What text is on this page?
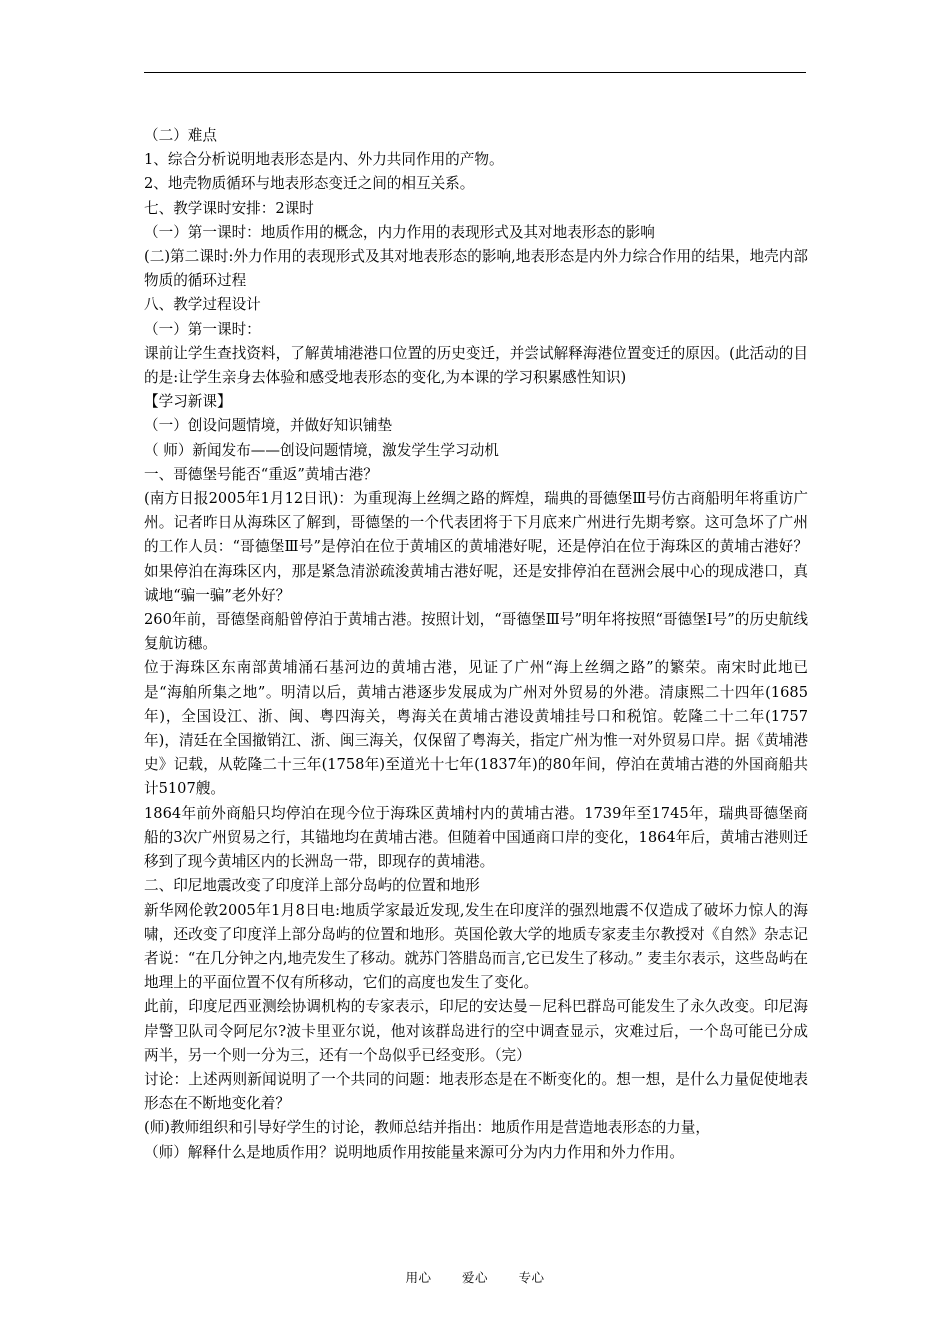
（二）难点

1、综合分析说明地表形态是内、外力共同作用的产物。

2、地壳物质循环与地表形态变迁之间的相互关系。

七、教学课时安排：2课时

（一）第一课时：地质作用的概念，内力作用的表现形式及其对地表形态的影响

(二)第二课时:外力作用的表现形式及其对地表形态的影响,地表形态是内外力综合作用的结果，地壳内部物质的循环过程

八、教学过程设计

（一）第一课时：

课前让学生查找资料，了解黄埔港港口位置的历史变迁，并尝试解释海港位置变迁的原因。(此活动的目的是:让学生亲身去体验和感受地表形态的变化,为本课的学习积累感性知识)

【学习新课】

（一）创设问题情境，并做好知识铺垫

（ 师）新闻发布——创设问题情境，激发学生学习动机

一、哥德堡号能否“重返”黄埔古港？

(南方日报2005年1月12日讯)：为重现海上丝绸之路的辉煌，瑞典的哥德堡Ⅲ号仿古商船明年将重访广州。记者昨日从海珠区了解到，哥德堡的一个代表团将于下月底来广州进行先期考察。这可急坏了广州的工作人员：“哥德堡Ⅲ号”是停泊在位于黄埔区的黄埔港好呢，还是停泊在位于海珠区的黄埔古港好？如果停泊在海珠区内，那是紧急清淤疏浚黄埔古港好呢，还是安排停泊在琶洲会展中心的现成港口，真诚地“骗一骗”老外好？

260年前，哥德堡商船曾停泊于黄埔古港。按照计划，“哥德堡Ⅲ号”明年将按照“哥德堡Ⅰ号”的历史航线复航访穗。

位于海珠区东南部黄埔涌石基河边的黄埔古港，见证了广州“海上丝绸之路”的繁荣。南宋时此地已是“海舶所集之地”。明清以后，黄埔古港逐步发展成为广州对外贸易的外港。清康熙二十四年(1685年)，全国设江、浙、闽、粤四海关，粤海关在黄埔古港设黄埔挂号口和税馆。乾隆二十二年(1757年)，清廷在全国撤销江、浙、闽三海关，仅保留了粤海关，指定广州为惟一对外贸易口岸。据《黄埔港史》记载，从乾隆二十三年(1758年)至道光十七年(1837年)的80年间，停泊在黄埔古港的外国商船共计5107艘。

1864年前外商船只均停泊在现今位于海珠区黄埔村内的黄埔古港。1739年至1745年，瑞典哥德堡商船的3次广州贸易之行，其锚地均在黄埔古港。但随着中国通商口岸的变化，1864年后，黄埔古港则迁移到了现今黄埔区内的长洲岛一带，即现存的黄埔港。

二、印尼地震改变了印度洋上部分岛屿的位置和地形

新华网伦敦2005年1月8日电:地质学家最近发现,发生在印度洋的强烈地震不仅造成了破坏力惊人的海啸，还改变了印度洋上部分岛屿的位置和地形。英国伦敦大学的地质专家麦圭尔教授对《自然》杂志记者说：“在几分钟之内,地壳发生了移动。就苏门答腊岛而言,它已发生了移动。” 麦圭尔表示，这些岛屿在地理上的平面位置不仅有所移动，它们的高度也发生了变化。

此前，印度尼西亚测绘协调机构的专家表示，印尼的安达曼－尼科巴群岛可能发生了永久改变。印尼海岸警卫队司令阿尼尔?波卡里亚尔说，他对该群岛进行的空中调查显示，灾难过后，一个岛可能已分成两半，另一个则一分为三，还有一个岛似乎已经变形。（完）

讨论：上述两则新闻说明了一个共同的问题：地表形态是在不断变化的。想一想，是什么力量促使地表形态在不断地变化着？

(师)教师组织和引导好学生的讨论，教师总结并指出：地质作用是营造地表形态的力量，

（师）解释什么是地质作用？说明地质作用按能量来源可分为内力作用和外力作用。

用心 爱心 专心
